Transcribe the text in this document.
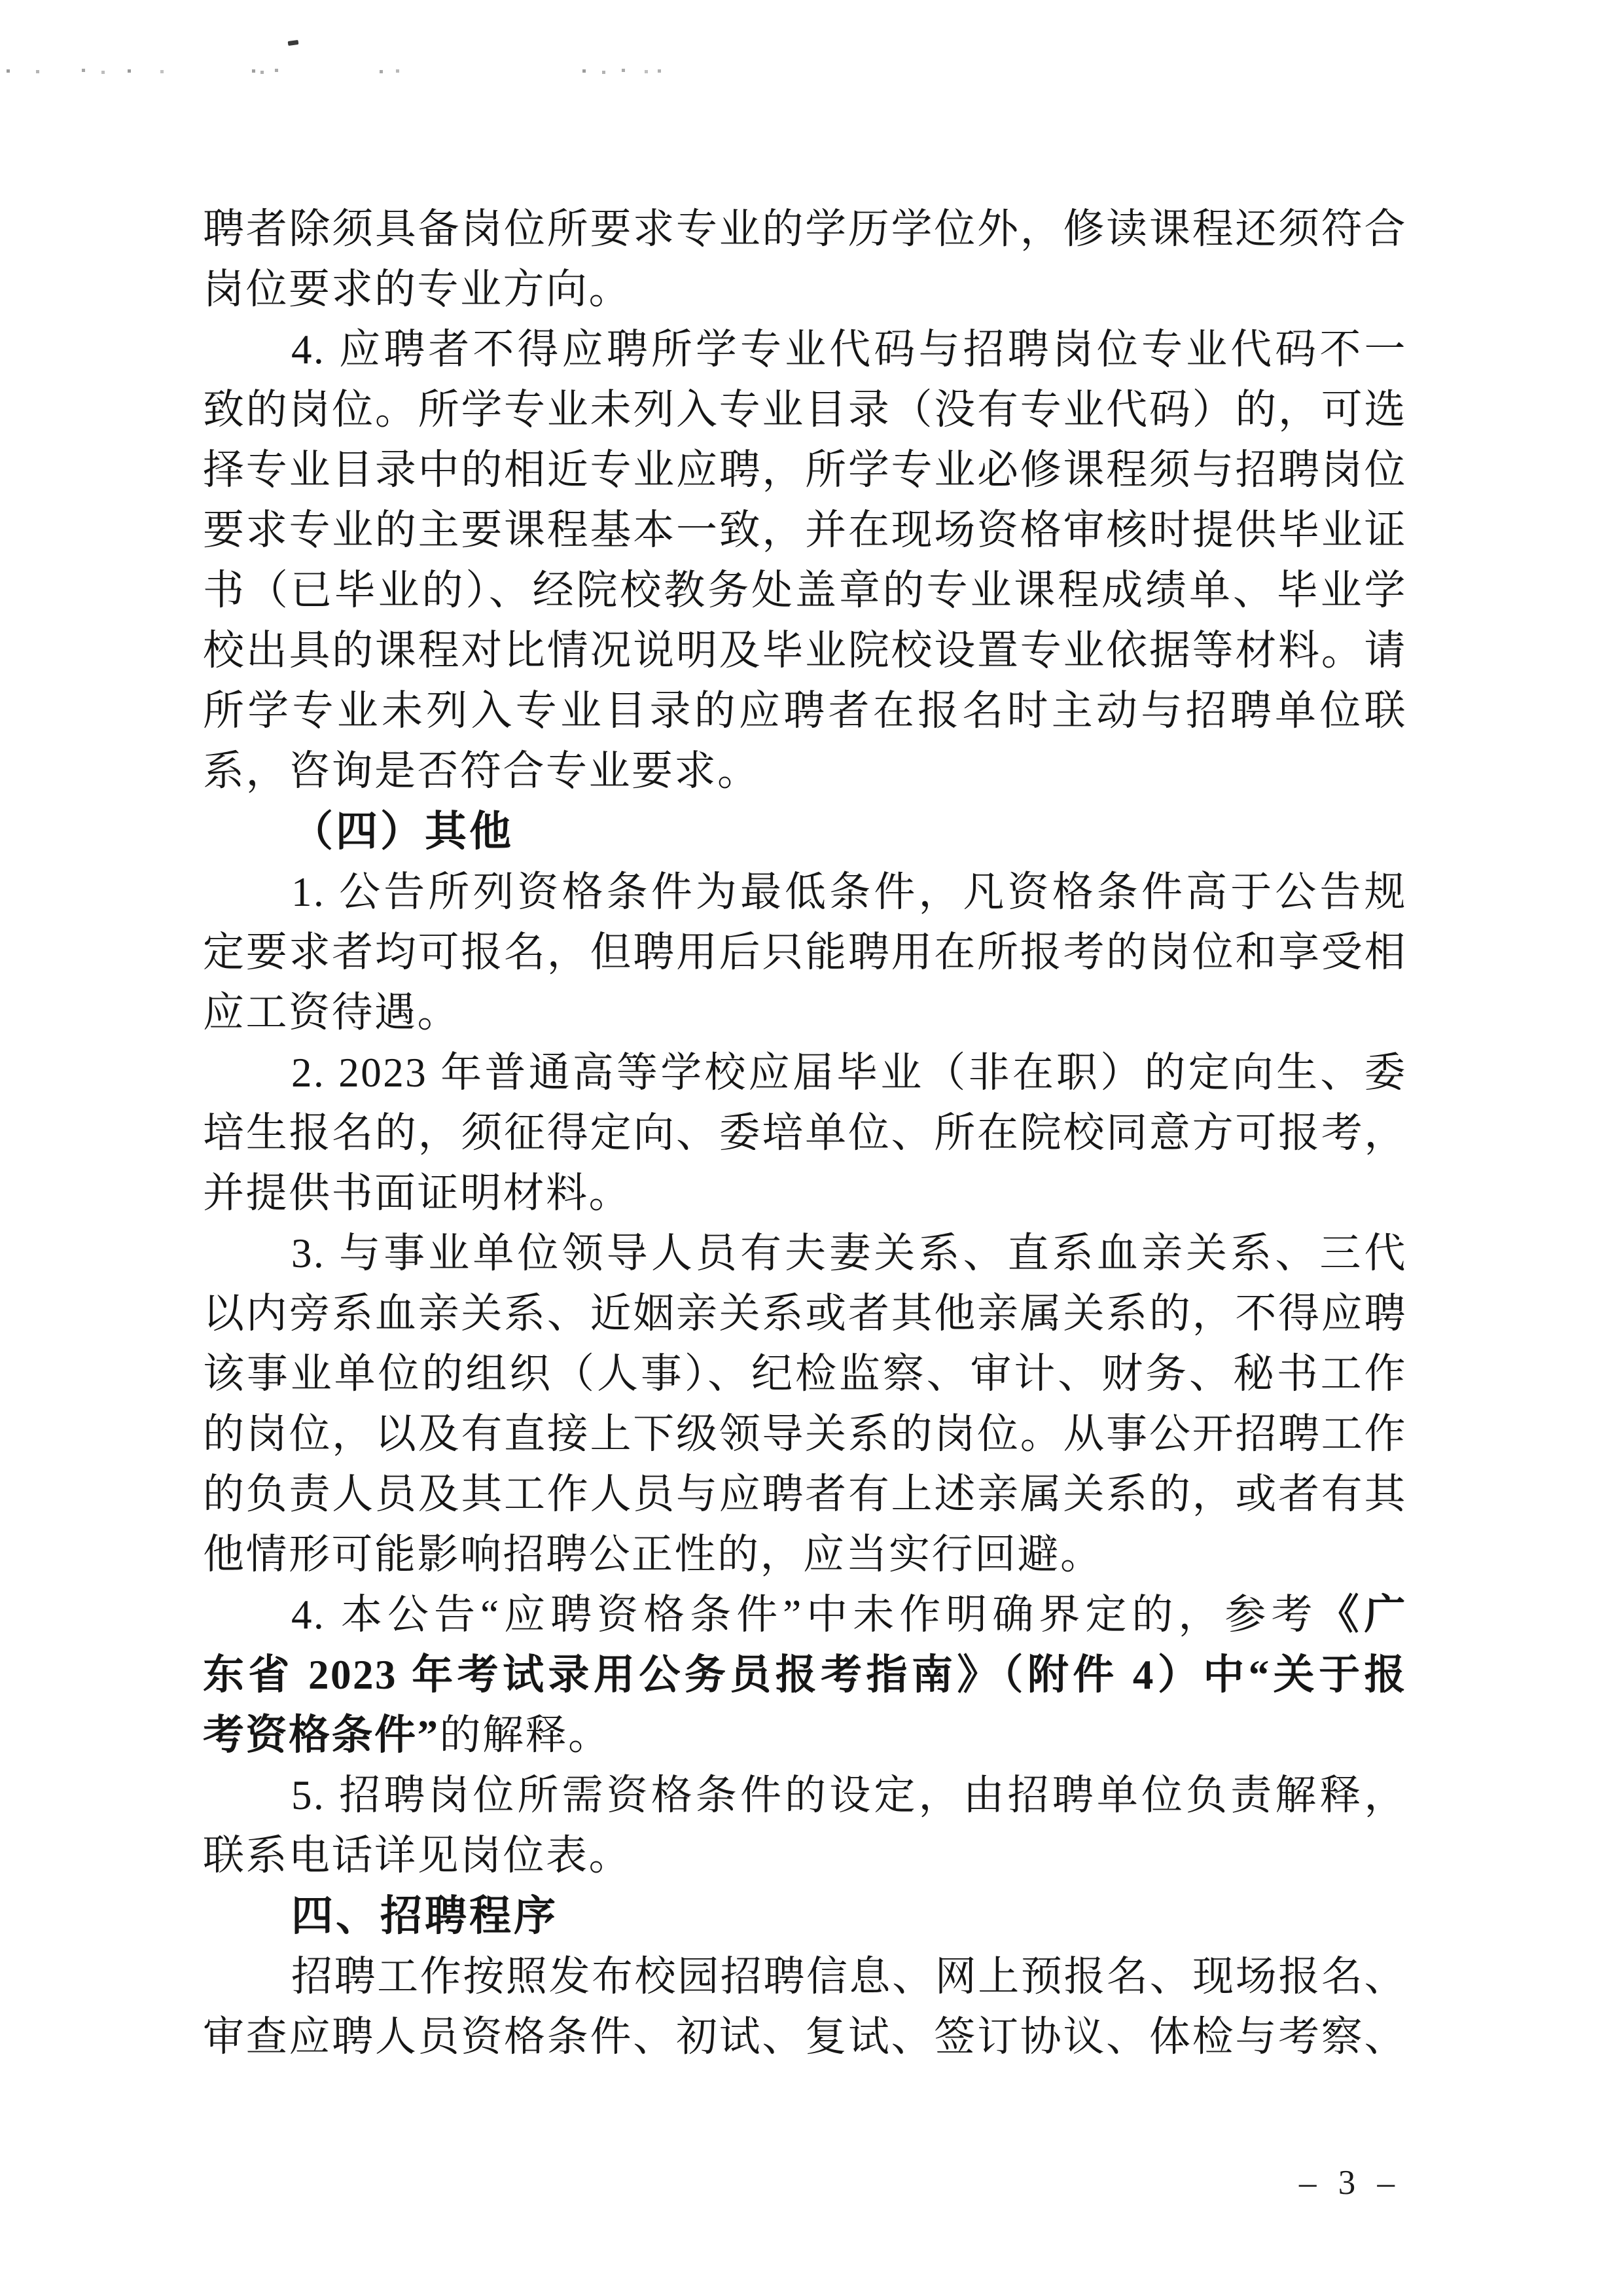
聘者除须具备岗位所要求专业的学历学位外，修读课程还须符合
岗位要求的专业方向。
4. 应聘者不得应聘所学专业代码与招聘岗位专业代码不一
致的岗位。所学专业未列入专业目录（没有专业代码）的，可选
择专业目录中的相近专业应聘，所学专业必修课程须与招聘岗位
要求专业的主要课程基本一致，并在现场资格审核时提供毕业证
书（已毕业的）、经院校教务处盖章的专业课程成绩单、毕业学
校出具的课程对比情况说明及毕业院校设置专业依据等材料。请
所学专业未列入专业目录的应聘者在报名时主动与招聘单位联
系，咨询是否符合专业要求。
（四）其他
1. 公告所列资格条件为最低条件，凡资格条件高于公告规
定要求者均可报名，但聘用后只能聘用在所报考的岗位和享受相
应工资待遇。
2. 2023 年普通高等学校应届毕业（非在职）的定向生、委
培生报名的，须征得定向、委培单位、所在院校同意方可报考，
并提供书面证明材料。
3. 与事业单位领导人员有夫妻关系、直系血亲关系、三代
以内旁系血亲关系、近姻亲关系或者其他亲属关系的，不得应聘
该事业单位的组织（人事）、纪检监察、审计、财务、秘书工作
的岗位，以及有直接上下级领导关系的岗位。从事公开招聘工作
的负责人员及其工作人员与应聘者有上述亲属关系的，或者有其
他情形可能影响招聘公正性的，应当实行回避。
4. 本公告“应聘资格条件”中未作明确界定的，参考《广
东省 2023 年考试录用公务员报考指南》（附件 4）中“关于报
考资格条件”的解释。
5. 招聘岗位所需资格条件的设定，由招聘单位负责解释，
联系电话详见岗位表。
四、招聘程序
招聘工作按照发布校园招聘信息、网上预报名、现场报名、
审查应聘人员资格条件、初试、复试、签订协议、体检与考察、
– 3 –
